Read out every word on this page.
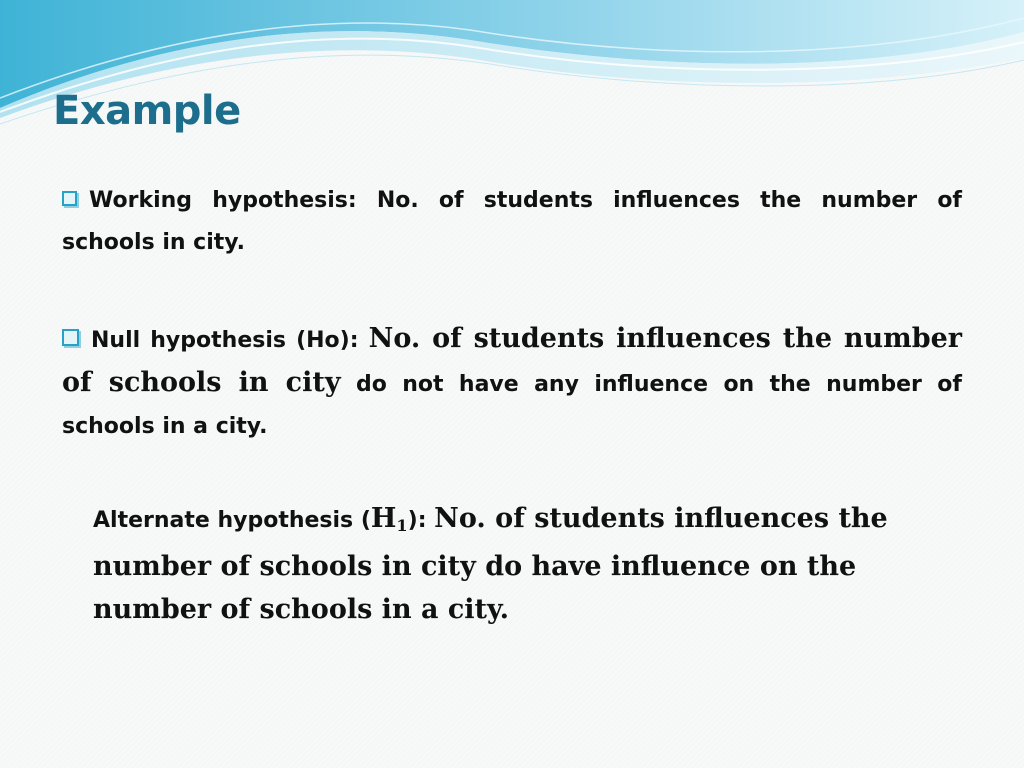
Example

Working hypothesis: No. of students influences the number of schools in city.

Null hypothesis (Ho): No. of students influences the number of schools in city do not have any influence on the number of schools in a city.

Alternate hypothesis $(H_1)$: No. of students influences the number of schools in city do have influence on the number of schools in a city.
